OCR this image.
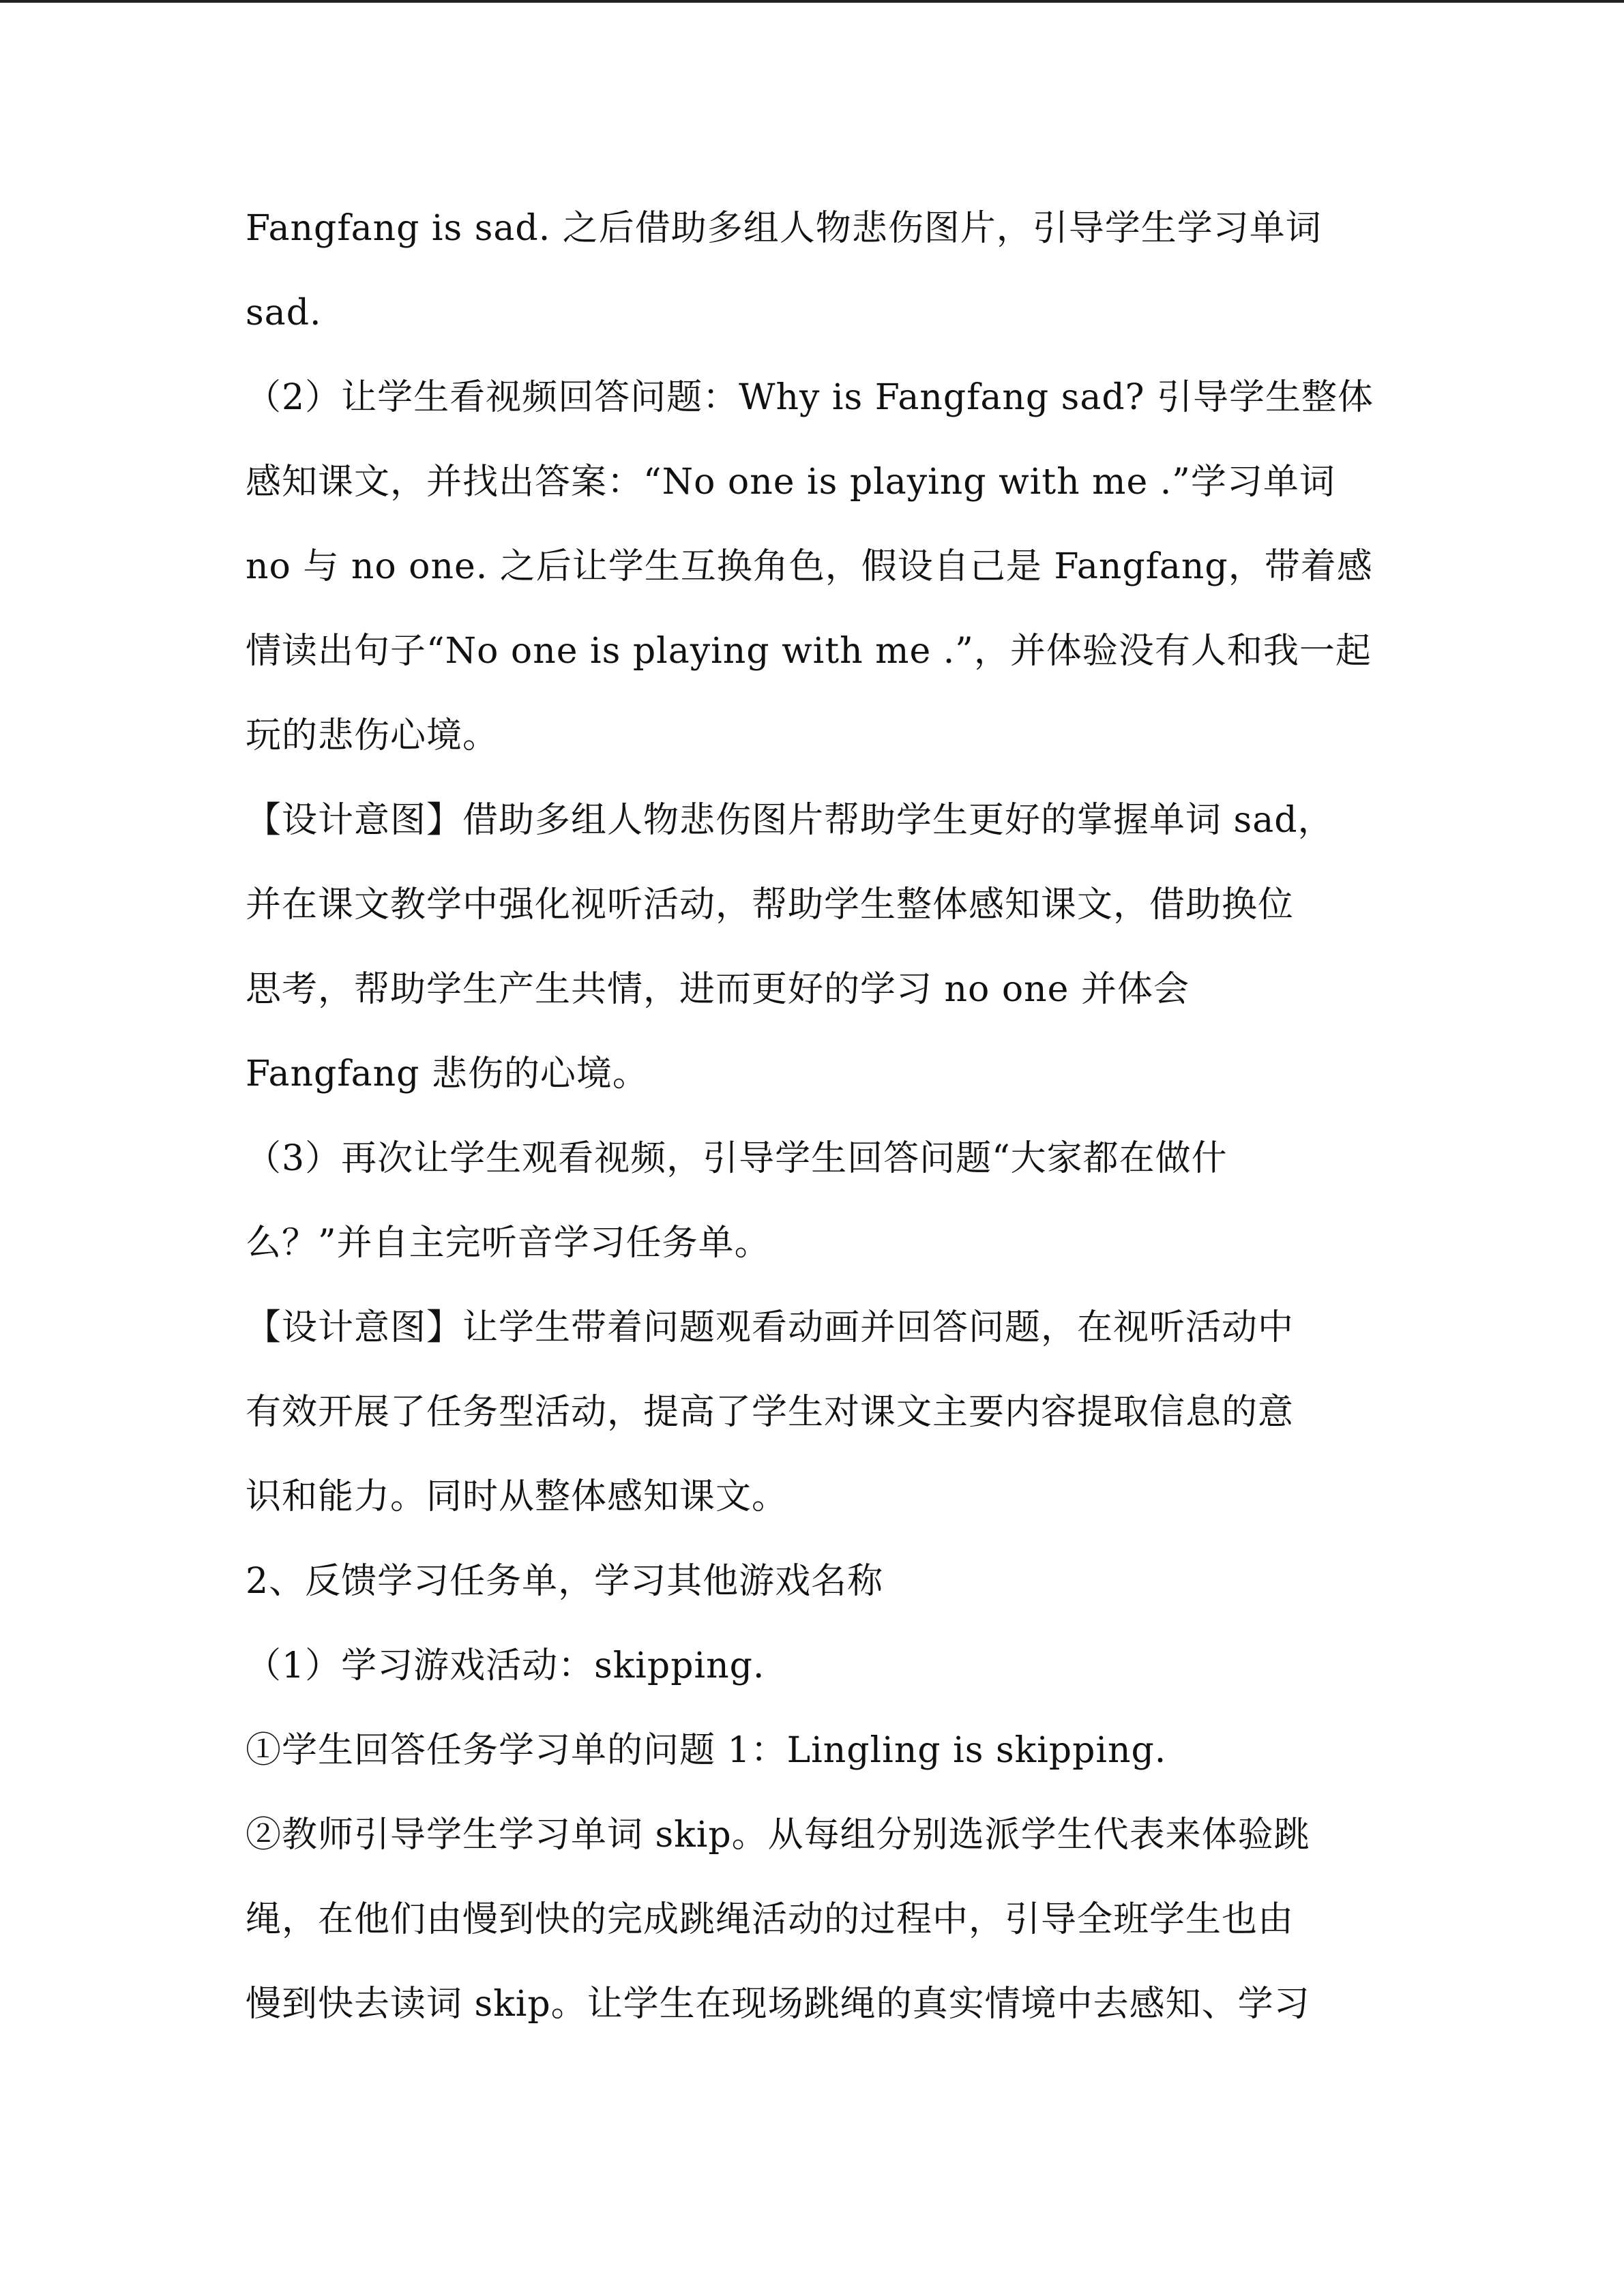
Fangfang is sad. 之后借助多组人物悲伤图片，引导学生学习单词
sad.
（2）让学生看视频回答问题：Why is Fangfang sad? 引导学生整体
感知课文，并找出答案：“No one is playing with me .”学习单词
no 与 no one. 之后让学生互换角色，假设自己是 Fangfang，带着感
情读出句子“No one is playing with me .”，并体验没有人和我一起
玩的悲伤心境。
【设计意图】借助多组人物悲伤图片帮助学生更好的掌握单词 sad，
并在课文教学中强化视听活动，帮助学生整体感知课文，借助换位
思考，帮助学生产生共情，进而更好的学习 no one 并体会
Fangfang 悲伤的心境。
（3）再次让学生观看视频，引导学生回答问题“大家都在做什
么？”并自主完听音学习任务单。
【设计意图】让学生带着问题观看动画并回答问题，在视听活动中
有效开展了任务型活动，提高了学生对课文主要内容提取信息的意
识和能力。同时从整体感知课文。
2、反馈学习任务单，学习其他游戏名称
（1）学习游戏活动：skipping.
①学生回答任务学习单的问题 1：Lingling is skipping.
②教师引导学生学习单词 skip。从每组分别选派学生代表来体验跳
绳，在他们由慢到快的完成跳绳活动的过程中，引导全班学生也由
慢到快去读词 skip。让学生在现场跳绳的真实情境中去感知、学习
